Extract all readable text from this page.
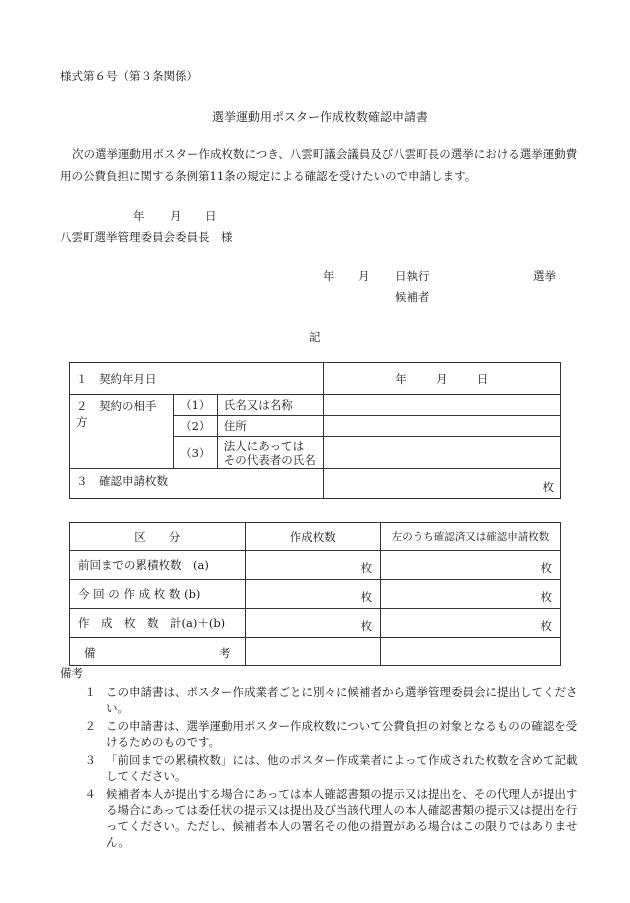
様式第６号（第３条関係）
選挙運動用ポスター作成枚数確認申請書

次の選挙運動用ポスター作成枚数につき、八雲町議会議員及び八雲町長の選挙における選挙運動費用の公費負担に関する条例第11条の規定による確認を受けたいので申請します。

年 月 日
八雲町選挙管理委員会委員長　様
年 月 日執行	選挙
候補者
記
１　契約年月日			年 月 日
２　契約の相手方	（1）	氏名又は名称	
	（2）	住所	
	（3）	法人にあっては
その代表者の氏名	

３　確認申請枚数			枚
区　　分	作成枚数	左のうち確認済又は確認申請枚数
前回までの累積枚数　(a)	枚	枚
今 回 の 作 成 枚 数 (b)	枚	枚
作　成　枚　数　計(a)＋(b)	枚	枚

備 考		

備考
１ この申請書は、ポスター作成業者ごとに別々に候補者から選挙管理委員会に提出してください。
２ この申請書は、選挙運動用ポスター作成枚数について公費負担の対象となるものの確認を受けるためのものです。
３ 「前回までの累積枚数」には、他のポスター作成業者によって作成された枚数を含めて記載してください。
４ 候補者本人が提出する場合にあっては本人確認書類の提示又は提出を、その代理人が提出する場合にあっては委任状の提示又は提出及び当該代理人の本人確認書類の提示又は提出を行ってください。ただし、候補者本人の署名その他の措置がある場合はこの限りではありません。
